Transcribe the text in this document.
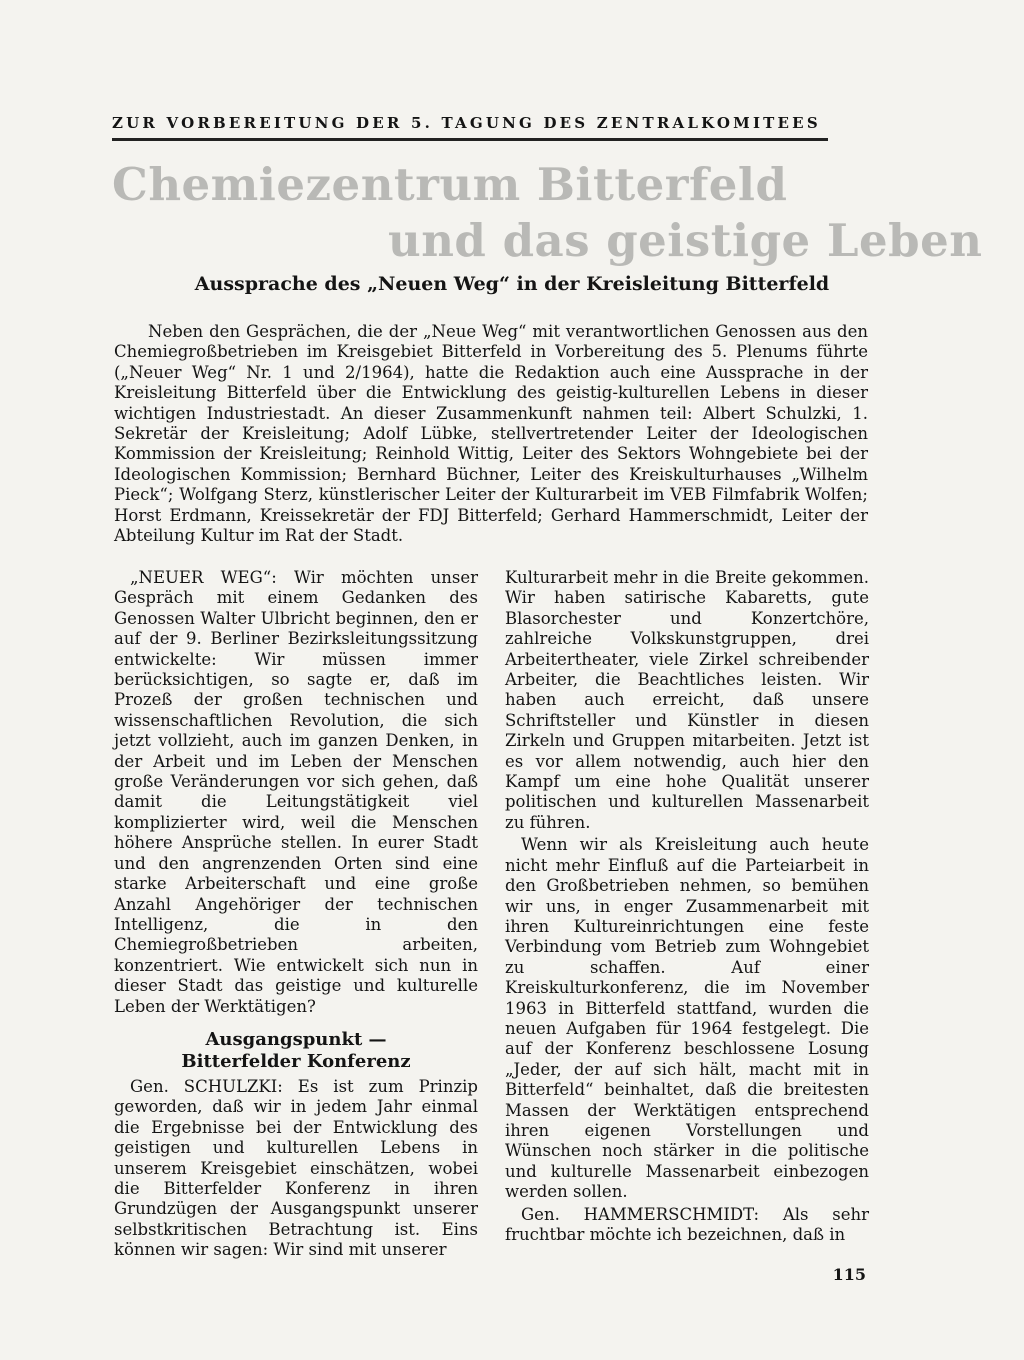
ZUR VORBEREITUNG DER 5. TAGUNG DES ZENTRALKOMITEES
Chemiezentrum Bitterfeld
und das geistige Leben
Aussprache des „Neuen Weg“ in der Kreisleitung Bitterfeld

Neben den Gesprächen, die der „Neue Weg“ mit verantwortlichen Genossen aus den Chemiegroßbetrieben im Kreisgebiet Bitterfeld in Vorbereitung des 5. Plenums führte („Neuer Weg“ Nr. 1 und 2/1964), hatte die Redaktion auch eine Aussprache in der Kreisleitung Bitterfeld über die Entwicklung des geistig-kulturellen Lebens in dieser wichtigen Industriestadt. An dieser Zusammenkunft nahmen teil: Albert Schulzki, 1. Sekretär der Kreisleitung; Adolf Lübke, stellvertretender Leiter der Ideologischen Kommission der Kreisleitung; Reinhold Wittig, Leiter des Sektors Wohngebiete bei der Ideologischen Kommission; Bernhard Büchner, Leiter des Kreiskulturhauses „Wilhelm Pieck“; Wolfgang Sterz, künstlerischer Leiter der Kulturarbeit im VEB Filmfabrik Wolfen; Horst Erdmann, Kreissekretär der FDJ Bitterfeld; Gerhard Hammerschmidt, Leiter der Abteilung Kultur im Rat der Stadt.

„NEUER WEG“: Wir möchten unser Gespräch mit einem Gedanken des Genossen Walter Ulbricht beginnen, den er auf der 9. Berliner Bezirksleitungssitzung entwickelte: Wir müssen immer berücksichtigen, so sagte er, daß im Prozeß der großen technischen und wissenschaftlichen Revolution, die sich jetzt vollzieht, auch im ganzen Denken, in der Arbeit und im Leben der Menschen große Veränderungen vor sich gehen, daß damit die Leitungstätigkeit viel komplizierter wird, weil die Menschen höhere Ansprüche stellen. In eurer Stadt und den angrenzenden Orten sind eine starke Arbeiterschaft und eine große Anzahl Angehöriger der technischen Intelligenz, die in den Chemiegroßbetrieben arbeiten, konzentriert. Wie entwickelt sich nun in dieser Stadt das geistige und kulturelle Leben der Werktätigen?

Ausgangspunkt —
Bitterfelder Konferenz

Gen. SCHULZKI: Es ist zum Prinzip geworden, daß wir in jedem Jahr einmal die Ergebnisse bei der Entwicklung des geistigen und kulturellen Lebens in unserem Kreisgebiet einschätzen, wobei die Bitterfelder Konferenz in ihren Grundzügen der Ausgangspunkt unserer selbstkritischen Betrachtung ist. Eins können wir sagen: Wir sind mit unserer

Kulturarbeit mehr in die Breite gekommen. Wir haben satirische Kabaretts, gute Blasorchester und Konzertchöre, zahlreiche Volkskunstgruppen, drei Arbeitertheater, viele Zirkel schreibender Arbeiter, die Beachtliches leisten. Wir haben auch erreicht, daß unsere Schriftsteller und Künstler in diesen Zirkeln und Gruppen mitarbeiten. Jetzt ist es vor allem notwendig, auch hier den Kampf um eine hohe Qualität unserer politischen und kulturellen Massenarbeit zu führen.

Wenn wir als Kreisleitung auch heute nicht mehr Einfluß auf die Parteiarbeit in den Großbetrieben nehmen, so bemühen wir uns, in enger Zusammenarbeit mit ihren Kultureinrichtungen eine feste Verbindung vom Betrieb zum Wohngebiet zu schaffen. Auf einer Kreiskulturkonferenz, die im November 1963 in Bitterfeld stattfand, wurden die neuen Aufgaben für 1964 festgelegt. Die auf der Konferenz beschlossene Losung „Jeder, der auf sich hält, macht mit in Bitterfeld“ beinhaltet, daß die breitesten Massen der Werktätigen entsprechend ihren eigenen Vorstellungen und Wünschen noch stärker in die politische und kulturelle Massenarbeit einbezogen werden sollen.

Gen. HAMMERSCHMIDT: Als sehr fruchtbar möchte ich bezeichnen, daß in

115
